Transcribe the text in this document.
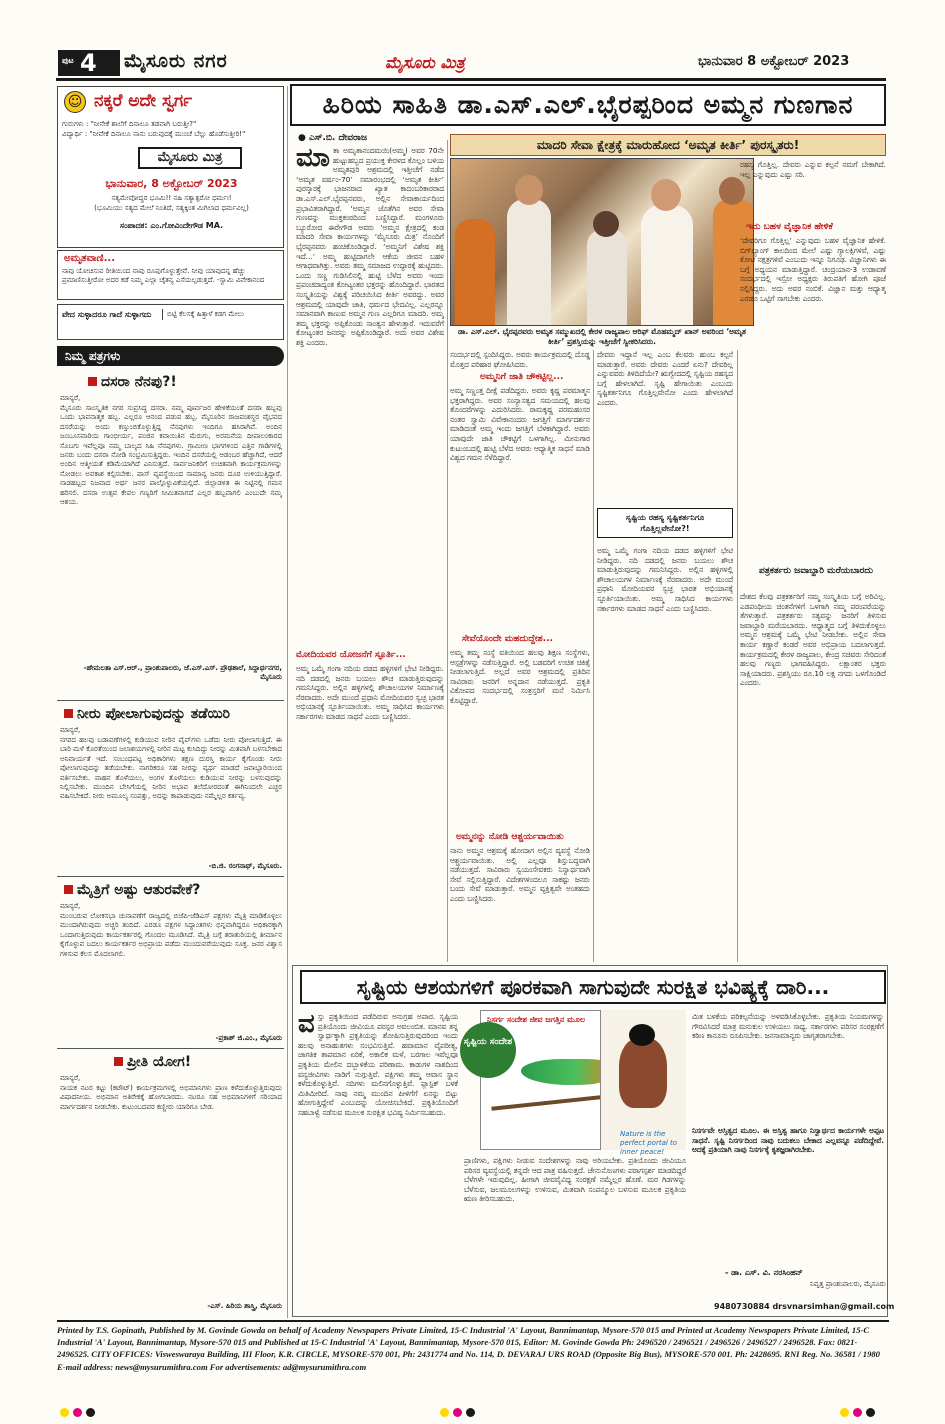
ಪುಟ 4 ಮೈಸೂರು ನಗರ	ಮೈಸೂರು ಮಿತ್ರ	ಭಾನುವಾರ 8 ಅಕ್ಟೋಬರ್ 2023
☺ ನಕ್ಕರೆ ಅದೇ ಸ್ವರ್ಗ
ಗುರುಗಳು : "ನೀನೇಕೆ ಶಾಲೆಗೆ ದಿನಾಲೂ ತಡವಾಗಿ ಬರುತ್ತೀ?"
ವಿದ್ಯಾರ್ಥಿ : "ನೀವೇಕೆ ದಿನಾಲೂ ನಾನು ಬರುವುದಕ್ಕೆ ಮುಂಚೆ ಬೆಲ್ಲು ಹೊಡೆಸುತ್ತೀರಿ!"
ಮೈಸೂರು ಮಿತ್ರ
ಭಾನುವಾರ, 8 ಅಕ್ಟೋಬರ್ 2023
ಸತ್ಯಮೇವೋದ್ಧರ ಭೂಮಿ!! ನಹಿ ಸತ್ಯಾತ್ಪರೋ ಧರ್ಮಃ!
(ಭೂಮಿಯು ಸತ್ಯದ ಮೇಲೆ ನಿಂತಿದೆ, ಸತ್ಯಕ್ಕಿಂತ ಮಿಗಿಲಾದ ಧರ್ಮವಿಲ್ಲ)
ಸಂಪಾದಕ: ಎಂ.ಗೋವಿಂದೇಗೌಡ MA.
ಅಮೃತವಾಣಿ...
ನಾವು ಯೋಚಿಸುವ ರೀತಿಯಿಂದ ನಾವು ರೂಪುಗೊಳ್ಳುತ್ತೇವೆ. ನೀವು ಯಾವುದನ್ನ ಹೆಚ್ಚು ಪ್ರಮಾಣಿಸುತ್ತೀರೋ ಅದರ ಕಡೆ ನಿಮ್ಮ ಎಲ್ಲಾ ಚೈತನ್ಯ ಎಸೆಯಲ್ಪಡುತ್ತದೆ. -ಸ್ವಾಮಿ ವಿವೇಕಾನಂದ
ವೇದ ಸುಳ್ಳಾದರೂ ಗಾದೆ ಸುಳ್ಳಾಗದು	ಬಿಟ್ಟಿ ಕೆಲಸಕ್ಕೆ ಹಿತ್ತಾಳೆ ಕಡಗ ಮೇಲು
ನಿಮ್ಮ ಪತ್ರಗಳು
ದಸರಾ ನೆನಪು?!
ಮಾನ್ಯರೆ,
ಮೈಸೂರು ಸಾಂಸ್ಕೃತಿಕ ನಗರ ಸುಪ್ರಸಿದ್ಧ ದಸರಾ. ನಮ್ಮ ಪೂರ್ವಜರ ಹೇಳಿಕೆಯಂತೆ ದಸರಾ ಹಬ್ಬವು ಒಂದು ಭಾವನಾತ್ಮಕ ಹಬ್ಬ. ಎಲ್ಲರೂ ಆನಂದ ಪಡುವ ಹಬ್ಬ. ಮೈಸೂರಿನ ರಾಜವಂಶಸ್ಥರ ವೈಭವದ ದಸರೆಯನ್ನು ಅಂದು ಕಣ್ತುಂಬಿಕೊಳ್ಳುತ್ತಿದ್ದ ನೆನಪುಗಳು ಇಂದಿಗೂ ಹಸಿರಾಗಿವೆ. ಅಂದಿನ ಜಂಬೂಸವಾರಿಯ ಗಾಂಭೀರ್ಯ, ಪಂಜಿನ ಕವಾಯಿತಿನ ಮೆರುಗು, ಅರಮನೆಯ ದೀಪಾಲಂಕಾರದ ಸೊಬಗು ಇವೆಲ್ಲವೂ ನಮ್ಮ ಬಾಲ್ಯದ ಸಿಹಿ ನೆನಪುಗಳು. ಗ್ರಾಮೀಣ ಭಾಗಗಳಿಂದ ಎತ್ತಿನ ಗಾಡಿಗಳಲ್ಲಿ ಜನರು ಬಂದು ದಸರಾ ನೋಡಿ ಸಂಭ್ರಮಿಸುತ್ತಿದ್ದರು. ಇಂದಿನ ದಸರೆಯಲ್ಲಿ ಆಡಂಬರ ಹೆಚ್ಚಾಗಿದೆ, ಆದರೆ ಅಂದಿನ ಆತ್ಮೀಯತೆ ಕಡಿಮೆಯಾಗಿದೆ ಎನಿಸುತ್ತದೆ. ಸಾರ್ವಜನಿಕರಿಗೆ ಉಚಿತವಾಗಿ ಕಾರ್ಯಕ್ರಮಗಳನ್ನು ನೋಡಲು ಅವಕಾಶ ಕಲ್ಪಿಸಬೇಕು. ಪಾಸ್ ವ್ಯವಸ್ಥೆಯಿಂದ ಸಾಮಾನ್ಯ ಜನರು ದೂರ ಉಳಿಯುತ್ತಿದ್ದಾರೆ. ನಾಡಹಬ್ಬದ ನಿಜವಾದ ಅರ್ಥ ಜನರ ಪಾಲ್ಗೊಳ್ಳುವಿಕೆಯಲ್ಲಿದೆ. ಜಿಲ್ಲಾಡಳಿತ ಈ ನಿಟ್ಟಿನಲ್ಲಿ ಗಮನ ಹರಿಸಲಿ. ದಸರಾ ಉತ್ಸವ ಕೇವಲ ಗಣ್ಯರಿಗೆ ಸೀಮಿತವಾಗದೆ ಎಲ್ಲರ ಹಬ್ಬವಾಗಲಿ ಎಂಬುದೇ ನಮ್ಮ ಆಶಯ.
-ಹೇಮಲತಾ ಎಸ್.ಆರ್., ಪ್ರಾಂಶುಪಾಲರು, ಜೆ.ಎಸ್.ಎಸ್. ಪ್ರೌಢಶಾಲೆ, ಸಿದ್ದಾರ್ಥನಗರ, ಮೈಸೂರು
ನೀರು ಪೋಲಾಗುವುದನ್ನು ತಡೆಯಿರಿ
ಮಾನ್ಯರೆ,
ನಗರದ ಹಲವು ಬಡಾವಣೆಗಳಲ್ಲಿ ಕುಡಿಯುವ ನೀರಿನ ಪೈಪ್‌ಗಳು ಒಡೆದು ನೀರು ಪೋಲಾಗುತ್ತಿದೆ. ಈ ಬಾರಿ ಮಳೆ ಕೊರತೆಯಿಂದ ಜಲಾಶಯಗಳಲ್ಲಿ ನೀರಿನ ಮಟ್ಟ ಕುಸಿದಿದ್ದು ನೀರನ್ನು ಮಿತವಾಗಿ ಬಳಸಬೇಕಾದ ಅನಿವಾರ್ಯತೆ ಇದೆ. ಸಂಬಂಧಪಟ್ಟ ಅಧಿಕಾರಿಗಳು ತಕ್ಷಣ ದುರಸ್ತಿ ಕಾರ್ಯ ಕೈಗೊಂಡು ನೀರು ಪೋಲಾಗುವುದನ್ನು ತಡೆಯಬೇಕು. ನಾಗರಿಕರೂ ಸಹ ನೀರನ್ನು ವ್ಯರ್ಥ ಮಾಡದೆ ಜವಾಬ್ದಾರಿಯಿಂದ ವರ್ತಿಸಬೇಕು. ವಾಹನ ತೊಳೆಯಲು, ಅಂಗಳ ತೊಳೆಯಲು ಕುಡಿಯುವ ನೀರನ್ನು ಬಳಸುವುದನ್ನು ನಿಲ್ಲಿಸಬೇಕು. ಮುಂದಿನ ಬೇಸಿಗೆಯಲ್ಲಿ ನೀರಿನ ಅಭಾವ ತಲೆದೋರದಂತೆ ಈಗಿನಿಂದಲೇ ಎಚ್ಚರ ವಹಿಸಬೇಕಿದೆ. ನೀರು ಅಮೂಲ್ಯ ಸಂಪತ್ತು, ಅದನ್ನು ಕಾಪಾಡುವುದು ನಮ್ಮೆಲ್ಲರ ಕರ್ತವ್ಯ.
-ಬಿ.ಜಿ. ರಂಗನಾಥ್, ಮೈಸೂರು.
ಮೈತ್ರಿಗೆ ಅಷ್ಟು ಆತುರವೇಕೆ?
ಮಾನ್ಯರೆ,
ಮುಂಬರುವ ಲೋಕಸಭಾ ಚುನಾವಣೆಗೆ ರಾಜ್ಯದಲ್ಲಿ ಬಿಜೆಪಿ-ಜೆಡಿಎಸ್ ಪಕ್ಷಗಳು ಮೈತ್ರಿ ಮಾಡಿಕೊಳ್ಳಲು ಮುಂದಾಗಿರುವುದು ಅಚ್ಚರಿ ತಂದಿದೆ. ಎರಡೂ ಪಕ್ಷಗಳ ಸಿದ್ಧಾಂತಗಳು ಭಿನ್ನವಾಗಿದ್ದರೂ ಅಧಿಕಾರಕ್ಕಾಗಿ ಒಂದಾಗುತ್ತಿರುವುದು ಕಾರ್ಯಕರ್ತರಲ್ಲಿ ಗೊಂದಲ ಮೂಡಿಸಿದೆ. ಮೈತ್ರಿ ಬಗ್ಗೆ ತರಾತುರಿಯಲ್ಲಿ ತೀರ್ಮಾನ ಕೈಗೊಳ್ಳುವ ಬದಲು ಕಾರ್ಯಕರ್ತರ ಅಭಿಪ್ರಾಯ ಪಡೆದು ಮುಂದುವರೆಯುವುದು ಸೂಕ್ತ. ಜನರ ವಿಶ್ವಾಸ ಗಳಿಸುವ ಕೆಲಸ ಮೊದಲಾಗಲಿ.
-ಪ್ರಕಾಶ್ ಜಿ.ಎಂ., ಮೈಸೂರು
ಪ್ರೀತಿ ಯೋಗ!
ಮಾನ್ಯರೆ,
ನಾಯಕ ನಟರ ಕಟ್ಟು (ಕಟೌಟ್‌) ಕಾರ್ಯಕ್ರಮಗಳಲ್ಲಿ ಅಭಿಮಾನಿಗಳು ಪ್ರಾಣ ಕಳೆದುಕೊಳ್ಳುತ್ತಿರುವುದು ವಿಷಾದನೀಯ. ಅಭಿಮಾನ ಅತಿರೇಕಕ್ಕೆ ಹೋಗಬಾರದು. ನಟರೂ ಸಹ ಅಭಿಮಾನಿಗಳಿಗೆ ಸರಿಯಾದ ಮಾರ್ಗದರ್ಶನ ನೀಡಬೇಕು. ಕುಟುಂಬದವರ ಕಣ್ಣೀರು ಯಾರಿಗೂ ಬೇಡ.
-ಎಸ್. ಹಿರಿಯ ಶಾಸ್ತ್ರಿ, ಮೈಸೂರು
ಹಿರಿಯ ಸಾಹಿತಿ ಡಾ.ಎಸ್.ಎಲ್.ಭೈರಪ್ಪರಿಂದ ಅಮ್ಮನ ಗುಣಗಾನ
● ಎಸ್.ಬಿ. ದೇವರಾಜ	ಮಾದರಿ ಸೇವಾ ಕ್ಷೇತ್ರಕ್ಕೆ ಮಾರುಹೋದ ‘ಅಮೃತ ಕೀರ್ತಿ’ ಪುರಸ್ಕೃತರು!
ಡಾ. ಎಸ್.ಎಲ್. ಭೈರಪ್ಪರವರು ಅಮೃತ ಸಮ್ಮುಖದಲ್ಲಿ ಕೇರಳ ರಾಜ್ಯಪಾಲ ಆರಿಫ್ ಮೊಹಮ್ಮದ್ ಖಾನ್ ಅವರಿಂದ ‘ಅಮೃತ ಕೀರ್ತಿ’ ಪ್ರಶಸ್ತಿಯನ್ನು ಇತ್ತೀಚೆಗೆ ಸ್ವೀಕರಿಸಿದರು.
ಮಾತಾ ಅಮೃತಾನಂದಮಯಿ(ಅಮ್ಮ) ಅವರ 70ನೇ ಹುಟ್ಟುಹಬ್ಬದ ಪ್ರಯುಕ್ತ ಕೇರಳದ ಕೊಲ್ಲಂ ಬಳಿಯ ಅಮೃತಪುರಿ ಆಶ್ರಮದಲ್ಲಿ ಇತ್ತೀಚೆಗೆ ನಡೆದ ‘ಅಮೃತ ವರ್ಷಂ-70’ ಸಮಾರಂಭದಲ್ಲಿ ‘ಅಮೃತ ಕೀರ್ತಿ’ ಪುರಸ್ಕಾರಕ್ಕೆ ಭಾಜನರಾದ ಖ್ಯಾತ ಕಾದಂಬರಿಕಾರರಾದ ಡಾ.ಎಸ್.ಎಲ್.ಭೈರಪ್ಪನವರು, ಅಲ್ಲಿನ ಸೇವಾಕಾರ್ಯದಿಂದ ಪ್ರಭಾವಿತರಾಗಿದ್ದಾರೆ. ‘ಅಮ್ಮನ ಜೊತೆಗಿನ ಅವರ ಸೇವಾ ಗುಣವನ್ನು ಮುಕ್ತಕಂಠದಿಂದ ಬಣ್ಣಿಸಿದ್ದಾರೆ. ಮಂಗಳೂರು ಬ್ಯೂರೋದ ಈರೇಗೌಡ ಅವರು ‘ಅಮ್ಮನ ಕ್ಷೇತ್ರದಲ್ಲಿ ಕಂಡ ಮಾದರಿ ಸೇವಾ ಕಾರ್ಯಗಳನ್ನು ‘ಮೈಸೂರು ಮಿತ್ರ’ ನೊಂದಿಗೆ ಭೈರಪ್ಪನವರು ಹಂಚಿಕೊಂಡಿದ್ದಾರೆ. ‘ಅಮ್ಮನಿಗೆ ವಿಶೇಷ ಶಕ್ತಿ ಇದೆ...’ ಅಮ್ಮ ಹುಟ್ಟಿದಾಗಲೇ ಆಕೆಯ ಜೀವನ ಬಹಳ ಆಗಾಧವಾಗಿತ್ತು. ಅವರು ತಮ್ಮ ಸಮಾಜದ ಉದ್ಧಾರಕ್ಕೆ ಹುಟ್ಟಿದರು. ಒಂದು ಸಣ್ಣ ಗುಡಿಸಿಲಿನಲ್ಲಿ ಹುಟ್ಟಿ ಬೆಳೆದ ಅವರು ಇಂದು ಪ್ರಪಂಚದಾದ್ಯಂತ ಕೋಟ್ಯಂತರ ಭಕ್ತರನ್ನು ಹೊಂದಿದ್ದಾರೆ. ಭಾರತದ ಸಂಸ್ಕೃತಿಯನ್ನು ವಿಶ್ವಕ್ಕೆ ಪರಿಚಯಿಸಿದ ಕೀರ್ತಿ ಅವರದ್ದು. ಅವರ ಆಶ್ರಮದಲ್ಲಿ ಯಾವುದೇ ಜಾತಿ, ಧರ್ಮದ ಭೇದವಿಲ್ಲ. ಎಲ್ಲರನ್ನೂ ಸಮಾನವಾಗಿ ಕಾಣುವ ಅಮ್ಮನ ಗುಣ ಎಲ್ಲರಿಗೂ ಮಾದರಿ. ಅಮ್ಮ ತಮ್ಮ ಭಕ್ತರನ್ನು ಅಪ್ಪಿಕೊಂಡು ಸಾಂತ್ವನ ಹೇಳುತ್ತಾರೆ. ಇದುವರೆಗೆ ಕೋಟ್ಯಂತರ ಜನರನ್ನು ಅಪ್ಪಿಕೊಂಡಿದ್ದಾರೆ. ಅದು ಅವರ ವಿಶೇಷ ಶಕ್ತಿ ಎಂದರು.
ಮೋದಿಯವರ ಯೋಜನೆಗೆ ಸ್ಫೂರ್ತಿ...
ಅಮ್ಮ ಒಮ್ಮೆ ಗಂಗಾ ನದಿಯ ದಡದ ಹಳ್ಳಿಗಳಿಗೆ ಭೇಟಿ ನೀಡಿದ್ದರು. ನದಿ ದಡದಲ್ಲಿ ಜನರು ಬಯಲು ಶೌಚ ಮಾಡುತ್ತಿರುವುದನ್ನು ಗಮನಿಸಿದ್ದರು. ಅಲ್ಲಿನ ಹಳ್ಳಿಗಳಲ್ಲಿ ಶೌಚಾಲಯಗಳ ನಿರ್ಮಾಣಕ್ಕೆ ನೆರವಾದರು. ಅದೇ ಮುಂದೆ ಪ್ರಧಾನಿ ಮೋದಿಯವರ ಸ್ವಚ್ಛ ಭಾರತ ಅಭಿಯಾನಕ್ಕೆ ಸ್ಫೂರ್ತಿಯಾಯಿತು. ಅಮ್ಮ ಸಾಧಿಸಿದ ಕಾರ್ಯಗಳು ಸರ್ಕಾರಗಳು ಮಾಡದ ಸಾಧನೆ ಎಂದು ಬಣ್ಣಿಸಿದರು.
ಸಂದರ್ಭದಲ್ಲಿ ಸ್ಪಂದಿಸಿದ್ದರು. ಅವರು ಕಾರ್ಯಕ್ರಮದಲ್ಲಿ ದೊಡ್ಡ ಮೊತ್ತದ ಪರಿಹಾರ ಘೋಷಿಸಿದರು.
ಅಮ್ಮನಿಗೆ ಜಾತಿ ಚೌಕಟ್ಟಿಲ್ಲ...
ಅಮ್ಮ ಸಣ್ಣಂತ್ತ ದೀಕ್ಷೆ ಪಡೆದಿದ್ದರು. ಅವರು ಕೃಷ್ಣ ಪರಮಾತ್ಮನ ಭಕ್ತರಾಗಿದ್ದರು. ಅವರ ಸಂನ್ಯಾಸತ್ವದ ಸಮಯದಲ್ಲಿ ಹಲವು ತೊಂದರೆಗಳನ್ನು ಎದುರಿಸಿದರು. ರಾಮಕೃಷ್ಣ ಪರಮಹಂಸರ ನಂತರ ಸ್ವಾಮಿ ವಿವೇಕಾನಂದರು ಜಗತ್ತಿಗೆ ಮಾರ್ಗದರ್ಶನ ಮಾಡಿದಂತೆ ಅಮ್ಮ ಇಂದು ಜಗತ್ತಿಗೆ ಬೆಳಕಾಗಿದ್ದಾರೆ. ಅವರು ಯಾವುದೇ ಜಾತಿ ಚೌಕಟ್ಟಿಗೆ ಒಳಗಾಗಿಲ್ಲ. ಮೀನುಗಾರ ಕುಟುಂಬದಲ್ಲಿ ಹುಟ್ಟಿ ಬೆಳೆದ ಅವರು ಆಧ್ಯಾತ್ಮಿಕ ಸಾಧನೆ ಮಾಡಿ ವಿಶ್ವದ ಗಮನ ಸೆಳೆದಿದ್ದಾರೆ.
ಸೇವೆಯೊಂದೇ ಮಹದುದ್ದೇಶ...
ಅಮ್ಮ ತಮ್ಮ ಸಂಸ್ಥೆ ವತಿಯಿಂದ ಹಲವು ಶಿಕ್ಷಣ ಸಂಸ್ಥೆಗಳು, ಆಸ್ಪತ್ರೆಗಳನ್ನು ನಡೆಸುತ್ತಿದ್ದಾರೆ. ಅಲ್ಲಿ ಬಡವರಿಗೆ ಉಚಿತ ಚಿಕಿತ್ಸೆ ನೀಡಲಾಗುತ್ತಿದೆ. ಅಲ್ಲದೆ ಅವರ ಆಶ್ರಮದಲ್ಲಿ ಪ್ರತಿದಿನ ಸಾವಿರಾರು ಜನರಿಗೆ ಅನ್ನದಾನ ನಡೆಯುತ್ತದೆ. ಪ್ರಕೃತಿ ವಿಕೋಪದ ಸಂದರ್ಭದಲ್ಲಿ ಸಂತ್ರಸ್ತರಿಗೆ ಮನೆ ನಿರ್ಮಿಸಿ ಕೊಟ್ಟಿದ್ದಾರೆ.
ಅಮ್ಮನನ್ನು ನೋಡಿ ಆಶ್ಚರ್ಯವಾಯಿತು
ನಾನು ಅಮ್ಮನ ಆಶ್ರಮಕ್ಕೆ ಹೋದಾಗ ಅಲ್ಲಿನ ವ್ಯವಸ್ಥೆ ನೋಡಿ ಆಶ್ಚರ್ಯವಾಯಿತು. ಅಲ್ಲಿ ಎಲ್ಲವೂ ಶಿಸ್ತುಬದ್ಧವಾಗಿ ನಡೆಯುತ್ತದೆ. ಸಾವಿರಾರು ಸ್ವಯಂಸೇವಕರು ನಿಸ್ವಾರ್ಥವಾಗಿ ಸೇವೆ ಸಲ್ಲಿಸುತ್ತಿದ್ದಾರೆ. ವಿದೇಶಗಳಿಂದಲೂ ಸಾಕಷ್ಟು ಜನರು ಬಂದು ಸೇವೆ ಮಾಡುತ್ತಾರೆ. ಅಮ್ಮನ ವ್ಯಕ್ತಿತ್ವವೇ ಅಂತಹದು ಎಂದು ಬಣ್ಣಿಸಿದರು.
ಸೃಷ್ಟಿಯ ರಹಸ್ಯ ಸೃಷ್ಟಿಕರ್ತನಿಗೂ ಗೊತ್ತಿಲ್ಲವೇನೋ?!
ದೇವರು ಇದ್ದಾನೆ ಇಲ್ಲ ಎಂಬ ಕೆಲವರು ಹುಂಬ ಕಲ್ಪನೆ ಮಾಡುತ್ತಾರೆ. ಅವರು ದೇವರು ಎಂದರೆ ಏನು? ದೇವರಿಲ್ಲ ಎನ್ನುವವರು ತಿಳಿದಿದೆಯೇ? ಋಗ್ವೇದದಲ್ಲಿ ಸೃಷ್ಟಿಯ ರಹಸ್ಯದ ಬಗ್ಗೆ ಹೇಳಲಾಗಿದೆ. ಸೃಷ್ಟಿ ಹೇಗಾಯಿತು ಎಂಬುದು ಸೃಷ್ಟಿಕರ್ತನಿಗೂ ಗೊತ್ತಿಲ್ಲವೇನೋ ಎಂದು ಹೇಳಲಾಗಿದೆ ಎಂದರು.
ರಹಸ್ಯ ಗೊತ್ತಿಲ್ಲ. ದೇವರು ಎನ್ನುವ ಕಲ್ಪನೆ ನಮಗೆ ಬೇಕಾಗಿದೆ. ಇಲ್ಲ ಎನ್ನುವುದು ಎಷ್ಟು ಸರಿ.
ಇದು ಬಹಳ ವೈಜ್ಞಾನಿಕ ಹೇಳಿಕೆ
‘ದೇವರಿಗೂ ಗೊತ್ತಿಲ್ಲ’ ಎನ್ನುವುದು ಬಹಳ ವೈಜ್ಞಾನಿಕ ಹೇಳಿಕೆ. ಬಿಗ್‌ಬ್ಯಾಂಗ್ ಕಾಲದಿಂದ ಮೇಲೆ ಎಷ್ಟು ಗ್ಯಾಲಕ್ಸಿಗಳಿವೆ, ಎಷ್ಟು ಕೋಟಿ ನಕ್ಷತ್ರಗಳಿವೆ ಎಂಬುದು ಇನ್ನೂ ನಿಗೂಢ. ವಿಜ್ಞಾನಿಗಳು ಈ ಬಗ್ಗೆ ಅಧ್ಯಯನ ಮಾಡುತ್ತಿದ್ದಾರೆ. ಚಂದ್ರಯಾನ-3 ಉಡಾವಣೆ ಸಂದರ್ಭದಲ್ಲಿ ಇಸ್ರೋ ಅಧ್ಯಕ್ಷರು ತಿರುಪತಿಗೆ ಹೋಗಿ ಪೂಜೆ ಸಲ್ಲಿಸಿದ್ದರು. ಅದು ಅವರ ನಂಬಿಕೆ. ವಿಜ್ಞಾನ ಮತ್ತು ಆಧ್ಯಾತ್ಮ ಎರಡೂ ಒಟ್ಟಿಗೆ ಸಾಗಬೇಕು ಎಂದರು.
ಪತ್ರಕರ್ತರು ಜವಾಬ್ದಾರಿ ಮರೆಯಬಾರದು
ದೇಶದ ಕೆಲವು ಪತ್ರಕರ್ತರಿಗೆ ನಮ್ಮ ಸಂಸ್ಕೃತಿಯ ಬಗ್ಗೆ ಅರಿವಿಲ್ಲ. ಎಡಪಂಥೀಯ ಚಿಂತನೆಗಳಿಗೆ ಒಳಗಾಗಿ ನಮ್ಮ ಪರಂಪರೆಯನ್ನು ತೆಗಳುತ್ತಾರೆ. ಪತ್ರಕರ್ತರು ಸತ್ಯವನ್ನು ಜನರಿಗೆ ತಿಳಿಸುವ ಜವಾಬ್ದಾರಿ ಮರೆಯಬಾರದು. ಆಧ್ಯಾತ್ಮದ ಬಗ್ಗೆ ತಿಳಿದುಕೊಳ್ಳಲು ಅಮ್ಮನ ಆಶ್ರಮಕ್ಕೆ ಒಮ್ಮೆ ಭೇಟಿ ನೀಡಬೇಕು. ಅಲ್ಲಿನ ಸೇವಾ ಕಾರ್ಯ ಕಣ್ಣಾರೆ ಕಂಡರೆ ಅವರ ಅಭಿಪ್ರಾಯ ಬದಲಾಗುತ್ತದೆ. ಕಾರ್ಯಕ್ರಮದಲ್ಲಿ ಕೇರಳ ರಾಜ್ಯಪಾಲ, ಕೇಂದ್ರ ಸಚಿವರು ಸೇರಿದಂತೆ ಹಲವು ಗಣ್ಯರು ಭಾಗವಹಿಸಿದ್ದರು. ಲಕ್ಷಾಂತರ ಭಕ್ತರು ಸಾಕ್ಷಿಯಾದರು. ಪ್ರಶಸ್ತಿಯು ರೂ.10 ಲಕ್ಷ ನಗದು ಒಳಗೊಂಡಿದೆ ಎಂದರು.
ಅಮ್ಮ ಒಮ್ಮೆ ಗಂಗಾ ನದಿಯ ದಡದ ಹಳ್ಳಿಗಳಿಗೆ ಭೇಟಿ ನೀಡಿದ್ದರು. ನದಿ ದಡದಲ್ಲಿ ಜನರು ಬಯಲು ಶೌಚ ಮಾಡುತ್ತಿರುವುದನ್ನು ಗಮನಿಸಿದ್ದರು. ಅಲ್ಲಿನ ಹಳ್ಳಿಗಳಲ್ಲಿ ಶೌಚಾಲಯಗಳ ನಿರ್ಮಾಣಕ್ಕೆ ನೆರವಾದರು. ಅದೇ ಮುಂದೆ ಪ್ರಧಾನಿ ಮೋದಿಯವರ ಸ್ವಚ್ಛ ಭಾರತ ಅಭಿಯಾನಕ್ಕೆ ಸ್ಫೂರ್ತಿಯಾಯಿತು. ಅಮ್ಮ ಸಾಧಿಸಿದ ಕಾರ್ಯಗಳು ಸರ್ಕಾರಗಳು ಮಾಡದ ಸಾಧನೆ ಎಂದು ಬಣ್ಣಿಸಿದರು.
ಸೃಷ್ಟಿಯ ಆಶಯಗಳಿಗೆ ಪೂರಕವಾಗಿ ಸಾಗುವುದೇ ಸುರಕ್ಷಿತ ಭವಿಷ್ಯಕ್ಕೆ ದಾರಿ...
ವಸ್ತು ಪ್ರಕೃತಿಯಿಂದ ಪಡೆದಿರುವ ಅನುಗ್ರಹ ಅಪಾರ. ಸೃಷ್ಟಿಯ ಪ್ರತಿಯೊಂದು ಜೀವಿಯೂ ಪರಸ್ಪರ ಅವಲಂಬಿತ. ಮಾನವ ತನ್ನ ಸ್ವಾರ್ಥಕ್ಕಾಗಿ ಪ್ರಕೃತಿಯನ್ನು ಶೋಷಿಸುತ್ತಿರುವುದರಿಂದ ಇಂದು ಹಲವು ಅನಾಹುತಗಳು ಸಂಭವಿಸುತ್ತಿವೆ. ಹವಾಮಾನ ವೈಪರೀತ್ಯ, ಜಾಗತಿಕ ತಾಪಮಾನ ಏರಿಕೆ, ಅಕಾಲಿಕ ಮಳೆ, ಬರಗಾಲ ಇವೆಲ್ಲವೂ ಪ್ರಕೃತಿಯ ಮೇಲಿನ ದಬ್ಬಾಳಿಕೆಯ ಪರಿಣಾಮ. ಕಾಡುಗಳ ನಾಶದಿಂದ ವನ್ಯಜೀವಿಗಳು ನಾಡಿಗೆ ನುಗ್ಗುತ್ತಿವೆ. ಪಕ್ಷಿಗಳು ತಮ್ಮ ಆವಾಸ ಸ್ಥಾನ ಕಳೆದುಕೊಳ್ಳುತ್ತಿವೆ. ನದಿಗಳು ಮಲಿನಗೊಳ್ಳುತ್ತಿವೆ. ಪ್ಲಾಸ್ಟಿಕ್ ಬಳಕೆ ಮಿತಿಮೀರಿದೆ. ನಾವು ನಮ್ಮ ಮುಂದಿನ ಪೀಳಿಗೆಗೆ ಏನನ್ನು ಬಿಟ್ಟು ಹೋಗುತ್ತಿದ್ದೇವೆ ಎಂಬುದನ್ನು ಯೋಚಿಸಬೇಕಿದೆ. ಪ್ರಕೃತಿಯೊಂದಿಗೆ ಸಹಬಾಳ್ವೆ ನಡೆಸುವ ಮೂಲಕ ಸುರಕ್ಷಿತ ಭವಿಷ್ಯ ನಿರ್ಮಿಸಬಹುದು.
ಪ್ರಾಣಿಗಳು, ಪಕ್ಷಿಗಳು ನೀಡುವ ಸಂದೇಶಗಳನ್ನು ನಾವು ಅರಿಯಬೇಕು. ಪ್ರತಿಯೊಂದು ಜೀವಿಯೂ ಪರಿಸರ ವ್ಯವಸ್ಥೆಯಲ್ಲಿ ತನ್ನದೇ ಆದ ಪಾತ್ರ ವಹಿಸುತ್ತದೆ. ಜೇನುನೊಣಗಳು ಪರಾಗಸ್ಪರ್ಶ ಮಾಡದಿದ್ದರೆ ಬೆಳೆಗಳೇ ಇರುವುದಿಲ್ಲ. ಹೀಗಾಗಿ ಜೀವವೈವಿಧ್ಯ ಸಂರಕ್ಷಣೆ ನಮ್ಮೆಲ್ಲರ ಹೊಣೆ. ಮರ ಗಿಡಗಳನ್ನು ಬೆಳೆಸುವ, ಜಲಮೂಲಗಳನ್ನು ಉಳಿಸುವ, ಮಿತವಾಗಿ ಸಂಪನ್ಮೂಲ ಬಳಸುವ ಮೂಲಕ ಪ್ರಕೃತಿಯ ಋಣ ತೀರಿಸಬಹುದು.
ನಿಸರ್ಗ ಸಂದೇಶ ಜೀವ ಜಗತ್ತಿನ ಮೂಲ
Nature is the perfect portal to inner peace!
ಸೃಷ್ಟಿಯ ಸಂದೇಶ
ಮಿತ ಬಳಕೆಯ ಪರಿಕಲ್ಪನೆಯನ್ನು ಅಳವಡಿಸಿಕೊಳ್ಳಬೇಕು. ಪ್ರಕೃತಿಯ ನಿಯಮಗಳನ್ನು ಗೌರವಿಸಿದರೆ ಮಾತ್ರ ಮನುಕುಲ ಉಳಿಯಲು ಸಾಧ್ಯ. ಸರ್ಕಾರಗಳು ಪರಿಸರ ಸಂರಕ್ಷಣೆಗೆ ಕಠಿಣ ಕಾನೂನು ರೂಪಿಸಬೇಕು. ಜನಸಾಮಾನ್ಯರು ಜಾಗೃತರಾಗಬೇಕು.
ನಿಸರ್ಗವೇ ಅಸ್ತಿತ್ವದ ಮೂಲ. ಈ ಅಸ್ತಿತ್ವ ಹಾಗೂ ನಿಸ್ವಾರ್ಥದ ಕಾರ್ಯಗಳೇ ಅಪ್ಪಟ ಸಾಧನೆ. ಸೃಷ್ಟಿ ನಿಸರ್ಗದಿಂದ ನಾವು ಬದುಕಲು ಬೇಕಾದ ಎಲ್ಲವನ್ನೂ ಪಡೆದಿದ್ದೇವೆ. ಅದಕ್ಕೆ ಪ್ರತಿಯಾಗಿ ನಾವು ನಿಸರ್ಗಕ್ಕೆ ಕೃತಜ್ಞರಾಗಿರಬೇಕು.
- ಡಾ. ಎಸ್. ವಿ. ನರಸಿಂಹನ್
ನಿವೃತ್ತ ಪ್ರಾಂಶುಪಾಲರು, ಮೈಸೂರು
9480730884 drsvnarsimhan@gmail.com
Printed by T.S. Gopinath, Published by M. Govinde Gowda on behalf of Academy Newspapers Private Limited, 15-C Industrial 'A' Layout, Bannimantap, Mysore-570 015 and Printed at Academy Newspapers Private Limited, 15-C Industrial 'A' Layout, Bannimantap, Mysore-570 015 and Published at 15-C Industrial 'A' Layout, Bannimantap, Mysore-570 015, Editor: M. Govinde Gowda Ph: 2496520 / 2496521 / 2496526 / 2496527 / 2496528. Fax: 0821-2496525. CITY OFFICES: Visweswaraya Building, III Floor, K.R. CIRCLE, MYSORE-570 001, Ph: 2431774 and No. 114, D. DEVARAJ URS ROAD (Opposite Big Bus), MYSORE-570 001. Ph: 2428695. RNI Reg. No. 36581 / 1980 E-mail address: news@mysurumithra.com For advertisements: ad@mysurumithra.com
